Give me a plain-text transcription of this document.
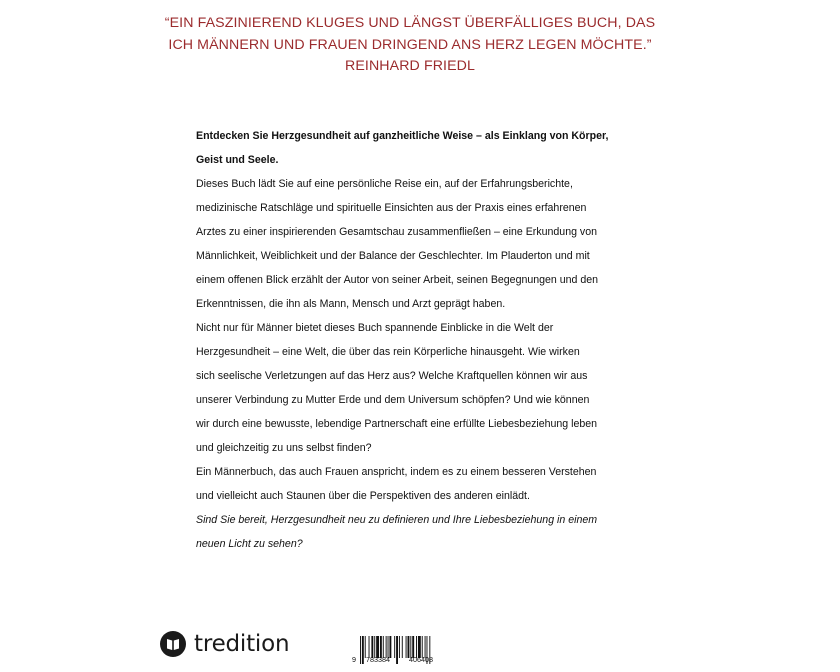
“EIN FASZINIEREND KLUGES UND LÄNGST ÜBERFÄLLIGES BUCH, DAS
ICH MÄNNERN UND FRAUEN DRINGEND ANS HERZ LEGEN MÖCHTE.”
REINHARD FRIEDL

Entdecken Sie Herzgesundheit auf ganzheitliche Weise – als Einklang von Körper,

Geist und Seele.

Dieses Buch lädt Sie auf eine persönliche Reise ein, auf der Erfahrungsberichte,

medizinische Ratschläge und spirituelle Einsichten aus der Praxis eines erfahrenen

Arztes zu einer inspirierenden Gesamtschau zusammenfließen – eine Erkundung von

Männlichkeit, Weiblichkeit und der Balance der Geschlechter. Im Plauderton und mit

einem offenen Blick erzählt der Autor von seiner Arbeit, seinen Begegnungen und den

Erkenntnissen, die ihn als Mann, Mensch und Arzt geprägt haben.

Nicht nur für Männer bietet dieses Buch spannende Einblicke in die Welt der

Herzgesundheit – eine Welt, die über das rein Körperliche hinausgeht. Wie wirken

sich seelische Verletzungen auf das Herz aus? Welche Kraftquellen können wir aus

unserer Verbindung zu Mutter Erde und dem Universum schöpfen? Und wie können

wir durch eine bewusste, lebendige Partnerschaft eine erfüllte Liebesbeziehung leben

und gleichzeitig zu uns selbst finden?

Ein Männerbuch, das auch Frauen anspricht, indem es zu einem besseren Verstehen

und vielleicht auch Staunen über die Perspektiven des anderen einlädt.

Sind Sie bereit, Herzgesundheit neu zu definieren und Ihre Liebesbeziehung in einem

neuen Licht zu sehen?

tredition
9 783384	406408
